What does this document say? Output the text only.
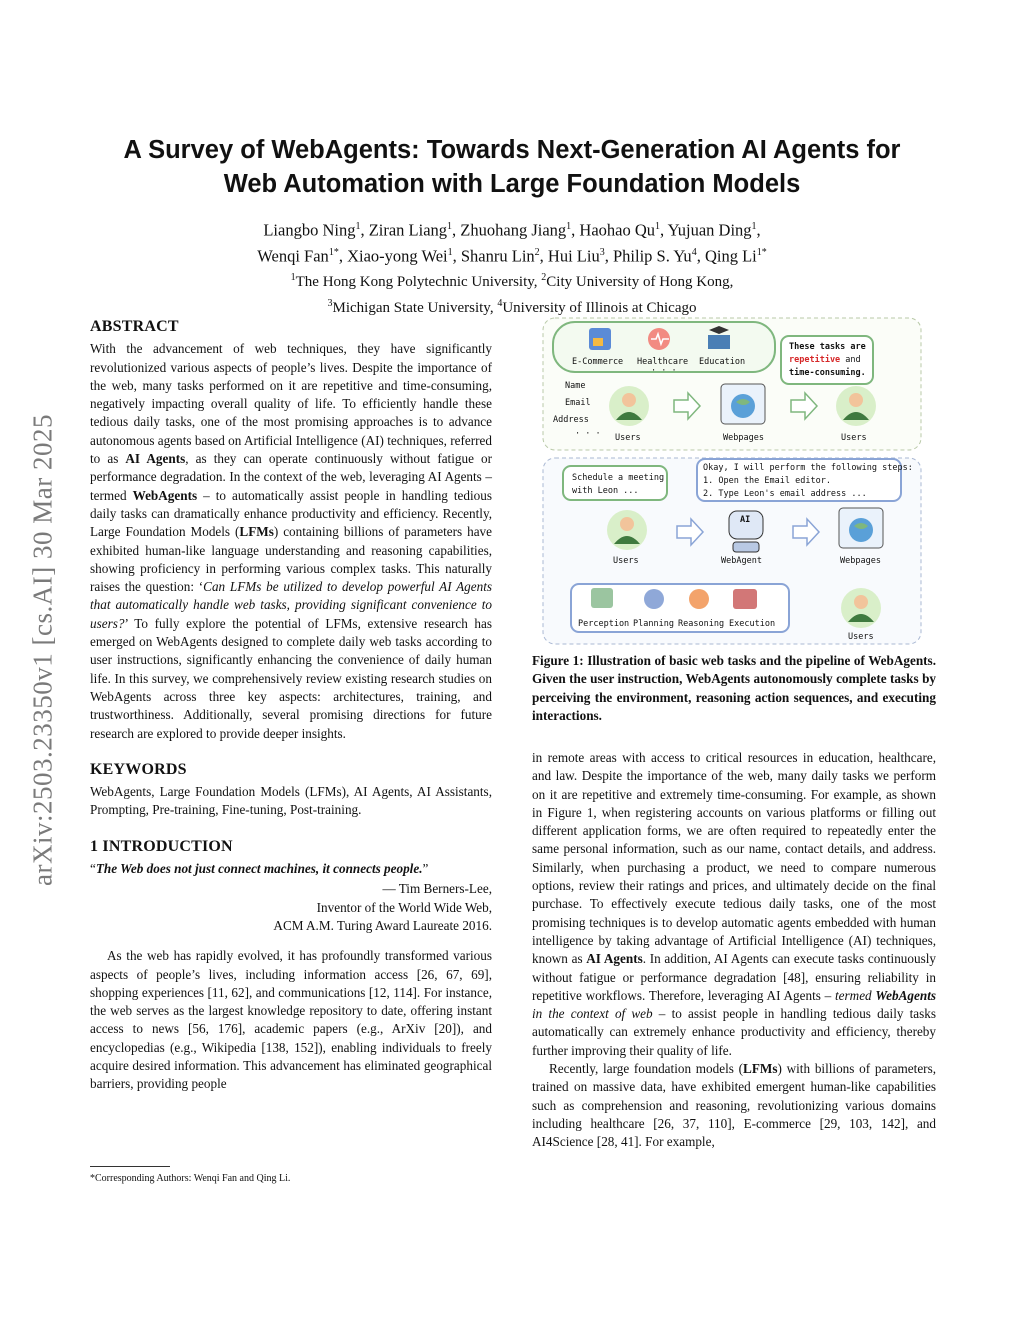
arXiv:2503.23350v1 [cs.AI] 30 Mar 2025
A Survey of WebAgents: Towards Next-Generation AI Agents for
Web Automation with Large Foundation Models
Liangbo Ning$^1$, Ziran Liang$^1$, Zhuohang Jiang$^1$, Haohao Qu$^1$, Yujuan Ding$^1$,
Wenqi Fan$^{1*}$, Xiao-yong Wei$^1$, Shanru Lin$^2$, Hui Liu$^3$, Philip S. Yu$^4$, Qing $Li^{1*}$
$^1$The Hong Kong Polytechnic University, $^2$City University of Hong Kong,
$^3$Michigan State University, $^4$University of Illinois at Chicago
ABSTRACT

With the advancement of web techniques, they have significantly revolutionized various aspects of people’s lives. Despite the importance of the web, many tasks performed on it are repetitive and time-consuming, negatively impacting overall quality of life. To efficiently handle these tedious daily tasks, one of the most promising approaches is to advance autonomous agents based on Artificial Intelligence (AI) techniques, referred to as AI Agents, as they can operate continuously without fatigue or performance degradation. In the context of the web, leveraging AI Agents – termed WebAgents – to automatically assist people in handling tedious daily tasks can dramatically enhance productivity and efficiency. Recently, Large Foundation Models (LFMs) containing billions of parameters have exhibited human-like language understanding and reasoning capabilities, showing proficiency in performing various complex tasks. This naturally raises the question: ‘Can LFMs be utilized to develop powerful AI Agents that automatically handle web tasks, providing significant convenience to users?’ To fully explore the potential of LFMs, extensive research has emerged on WebAgents designed to complete daily web tasks according to user instructions, significantly enhancing the convenience of daily human life. In this survey, we comprehensively review existing research studies on WebAgents across three key aspects: architectures, training, and trustworthiness. Additionally, several promising directions for future research are explored to provide deeper insights.

KEYWORDS

WebAgents, Large Foundation Models (LFMs), AI Agents, AI Assistants, Prompting, Pre-training, Fine-tuning, Post-training.

1 INTRODUCTION

“The Web does not just connect machines, it connects people.”

— Tim Berners-Lee,
Inventor of the World Wide Web,
ACM A.M. Turing Award Laureate 2016.

As the web has rapidly evolved, it has profoundly transformed various aspects of people’s lives, including information access [26, 67, 69], shopping experiences [11, 62], and communications [12, 114]. For instance, the web serves as the largest knowledge repository to date, offering instant access to news [56, 176], academic papers (e.g., ArXiv [20]), and encyclopedias (e.g., Wikipedia [138, 152]), enabling individuals to freely acquire desired information. This advancement has eliminated geographical barriers, providing people

*Corresponding Authors: Wenqi Fan and Qing Li.
E-Commerce Healthcare Education
· · ·
These tasks are
repetitive and
time-consuming.
Name
Email
Address
· · · Users	Webpages	Users
Schedule a meeting
with Leon ...
Okay, I will perform the following steps:
1. Open the Email editor.
2. Type Leon's email address ...
Users
AI
WebAgent	Webpages
Perception Planning Reasoning Execution
Users
Figure 1: Illustration of basic web tasks and the pipeline of WebAgents. Given the user instruction, WebAgents autonomously complete tasks by perceiving the environment, reasoning action sequences, and executing interactions.

in remote areas with access to critical resources in education, healthcare, and law. Despite the importance of the web, many daily tasks we perform on it are repetitive and extremely time-consuming. For example, as shown in Figure 1, when registering accounts on various platforms or filling out different application forms, we are often required to repeatedly enter the same personal information, such as our name, contact details, and address. Similarly, when purchasing a product, we need to compare numerous options, review their ratings and prices, and ultimately decide on the final purchase. To effectively execute tedious daily tasks, one of the most promising techniques is to develop automatic agents embedded with human intelligence by taking advantage of Artificial Intelligence (AI) techniques, known as AI Agents. In addition, AI Agents can execute tasks continuously without fatigue or performance degradation [48], ensuring reliability in repetitive workflows. Therefore, leveraging AI Agents – termed WebAgents in the context of web – to assist people in handling tedious daily tasks automatically can extremely enhance productivity and efficiency, thereby further improving their quality of life.

Recently, large foundation models (LFMs) with billions of parameters, trained on massive data, have exhibited emergent human-like capabilities such as comprehension and reasoning, revolutionizing various domains including healthcare [26, 37, 110], E-commerce [29, 103, 142], and AI4Science [28, 41]. For example,
